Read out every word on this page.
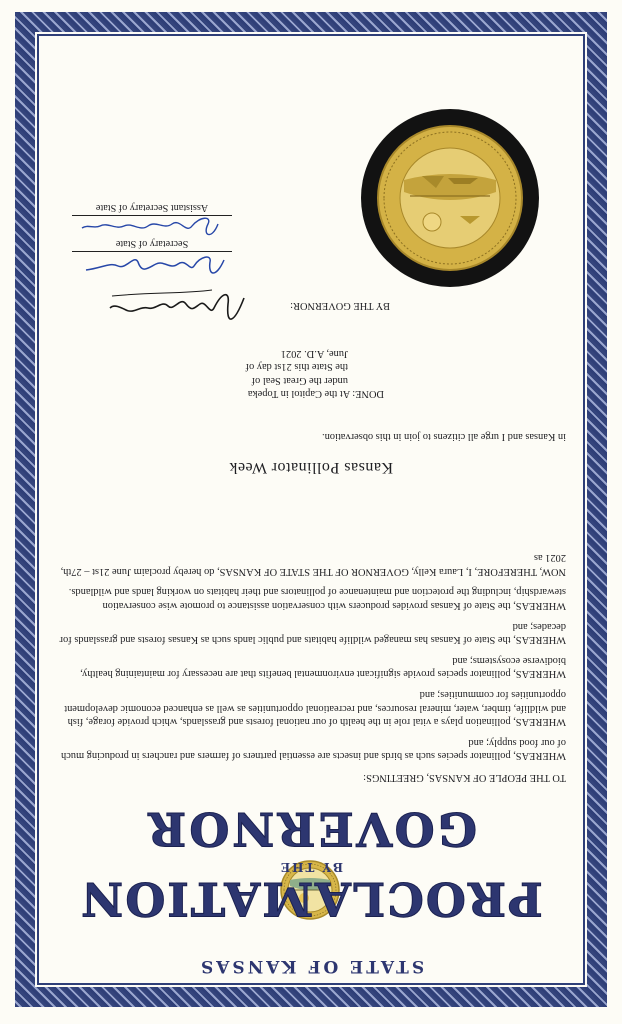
STATE OF KANSAS
PROCLAMATION
BY THE
GOVERNOR

TO THE PEOPLE OF KANSAS, GREETINGS:

WHEREAS, pollinator species such as birds and insects are essential partners of farmers and ranchers in producing much of our food supply; and

WHEREAS, pollination plays a vital role in the health of our national forests and grasslands, which provide forage, fish and wildlife, timber, water, mineral resources, and recreational opportunities as well as enhanced economic development opportunities for communities; and

WHEREAS, pollinator species provide significant environmental benefits that are necessary for maintaining healthy, biodiverse ecosystems; and

WHEREAS, the State of Kansas has managed wildlife habitats and public lands such as Kansas forests and grasslands for decades; and

WHEREAS, the State of Kansas provides producers with conservation assistance to promote wise conservation stewardship, including the protection and maintenance of pollinators and their habitats on working lands and wildlands.

NOW, THEREFORE, I, Laura Kelly, GOVERNOR OF THE STATE OF KANSAS, do hereby proclaim June 21st – 27th, 2021 as

Kansas Pollinator Week
in Kansas and I urge all citizens to join in this observation.
DONE: At the Capitol in Topeka
under the Great Seal of
the State this 21st day of
June, A.D. 2021
BY THE GOVERNOR:
Secretary of State
Assistant Secretary of State
